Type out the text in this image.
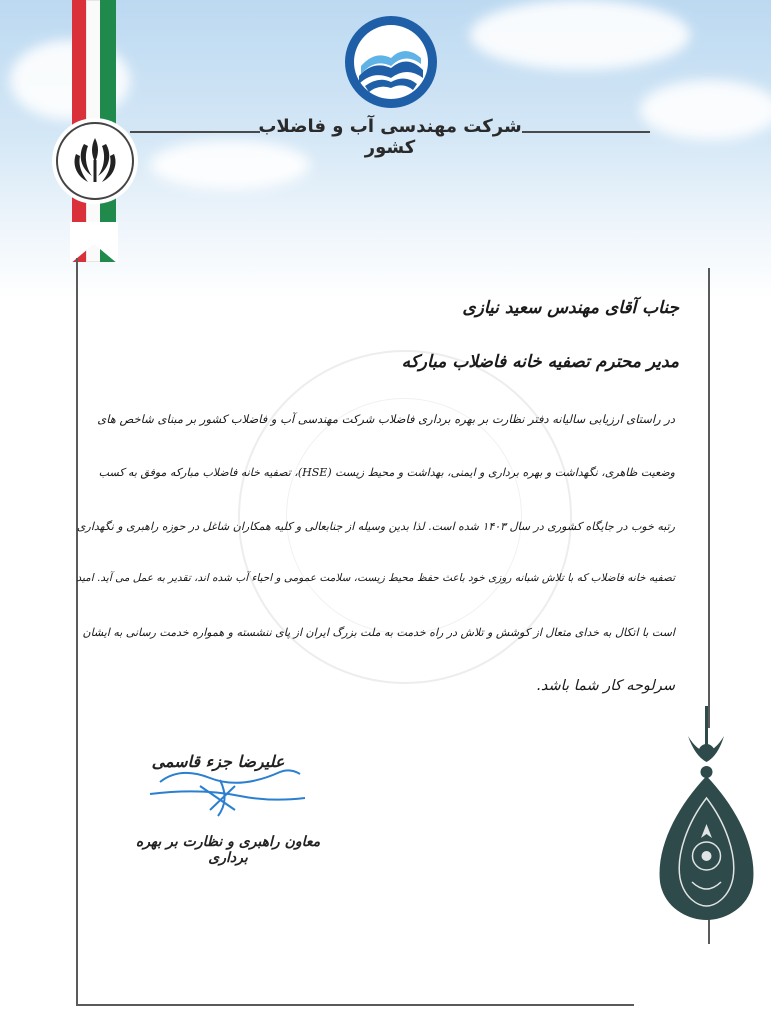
شرکت مهندسی آب و فاضلاب کشور
جناب آقای مهندس سعید نیازی
مدیر محترم تصفیه خانه فاضلاب مبارکه
در راستای ارزیابی سالیانه دفتر نظارت بر بهره برداری فاضلاب شرکت مهندسی آب و فاضلاب کشور بر مبنای شاخص های
وضعیت ظاهری، نگهداشت و بهره برداری و ایمنی، بهداشت و محیط زیست (HSE)، تصفیه خانه فاضلاب مبارکه موفق به کسب
رتبه خوب در جایگاه کشوری در سال ۱۴۰۳ شده است. لذا بدین وسیله از جنابعالی و کلیه همکاران شاغل در حوزه راهبری و نگهداری
تصفیه خانه فاضلاب که با تلاش شبانه روزی خود باعث حفظ محیط زیست، سلامت عمومی و احیاء آب شده اند، تقدیر به عمل می آید. امید
است با اتکال به خدای متعال از کوشش و تلاش در راه خدمت به ملت بزرگ ایران از پای ننشسته و همواره خدمت رسانی به ایشان
سرلوحه کار شما باشد.
علیرضا جزء قاسمی
معاون راهبری و نظارت بر بهره برداری
